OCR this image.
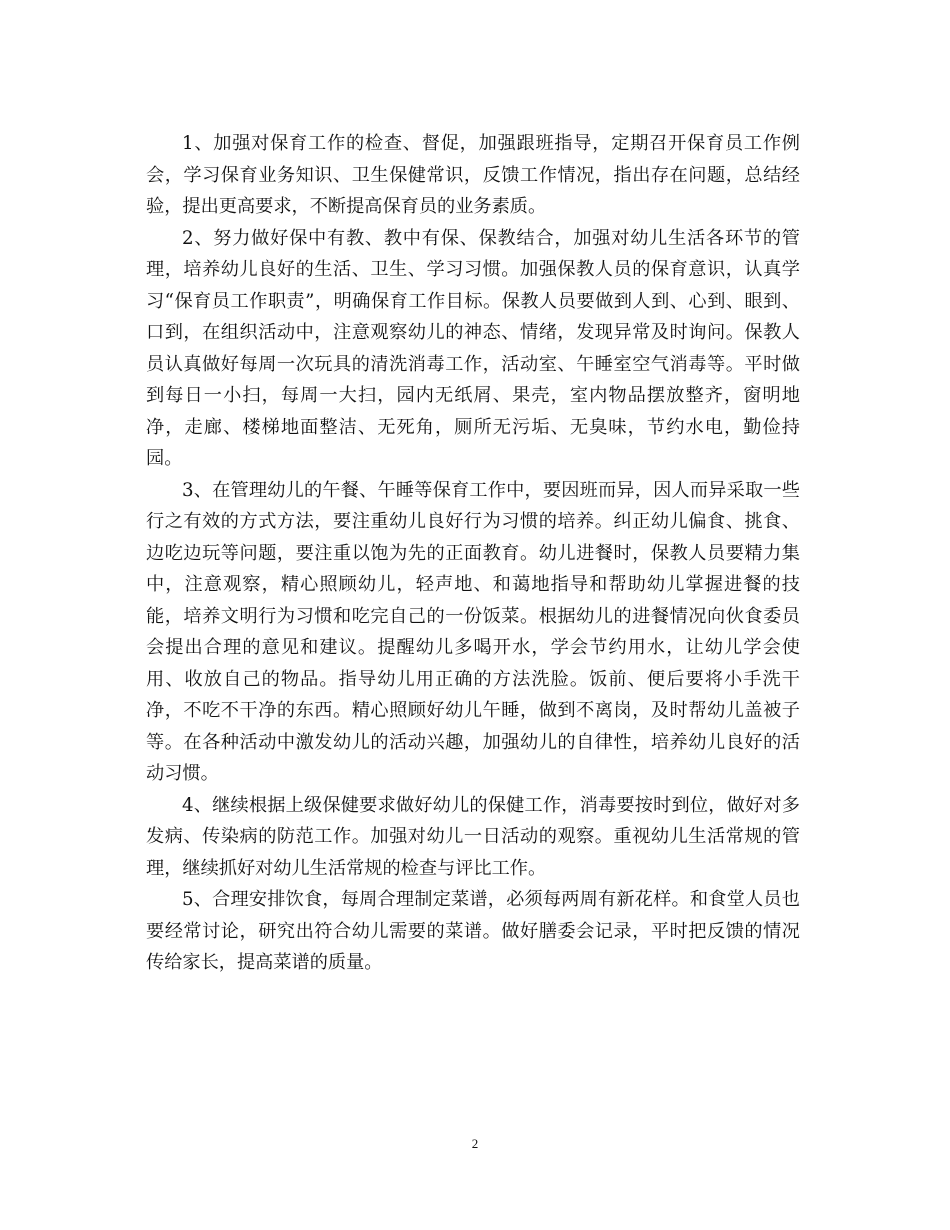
1、加强对保育工作的检查、督促，加强跟班指导，定期召开保育员工作例会，学习保育业务知识、卫生保健常识，反馈工作情况，指出存在问题，总结经验，提出更高要求，不断提高保育员的业务素质。

2、努力做好保中有教、教中有保、保教结合，加强对幼儿生活各环节的管理，培养幼儿良好的生活、卫生、学习习惯。加强保教人员的保育意识，认真学习“保育员工作职责”，明确保育工作目标。保教人员要做到人到、心到、眼到、口到，在组织活动中，注意观察幼儿的神态、情绪，发现异常及时询问。保教人员认真做好每周一次玩具的清洗消毒工作，活动室、午睡室空气消毒等。平时做到每日一小扫，每周一大扫，园内无纸屑、果壳，室内物品摆放整齐，窗明地净，走廊、楼梯地面整洁、无死角，厕所无污垢、无臭味，节约水电，勤俭持园。

3、在管理幼儿的午餐、午睡等保育工作中，要因班而异，因人而异采取一些行之有效的方式方法，要注重幼儿良好行为习惯的培养。纠正幼儿偏食、挑食、边吃边玩等问题，要注重以饱为先的正面教育。幼儿进餐时，保教人员要精力集中，注意观察，精心照顾幼儿，轻声地、和蔼地指导和帮助幼儿掌握进餐的技能，培养文明行为习惯和吃完自己的一份饭菜。根据幼儿的进餐情况向伙食委员会提出合理的意见和建议。提醒幼儿多喝开水，学会节约用水，让幼儿学会使用、收放自己的物品。指导幼儿用正确的方法洗脸。饭前、便后要将小手洗干净，不吃不干净的东西。精心照顾好幼儿午睡，做到不离岗，及时帮幼儿盖被子等。在各种活动中激发幼儿的活动兴趣，加强幼儿的自律性，培养幼儿良好的活动习惯。

4、继续根据上级保健要求做好幼儿的保健工作，消毒要按时到位，做好对多发病、传染病的防范工作。加强对幼儿一日活动的观察。重视幼儿生活常规的管理，继续抓好对幼儿生活常规的检查与评比工作。

5、合理安排饮食，每周合理制定菜谱，必须每两周有新花样。和食堂人员也要经常讨论，研究出符合幼儿需要的菜谱。做好膳委会记录，平时把反馈的情况传给家长，提高菜谱的质量。

2
